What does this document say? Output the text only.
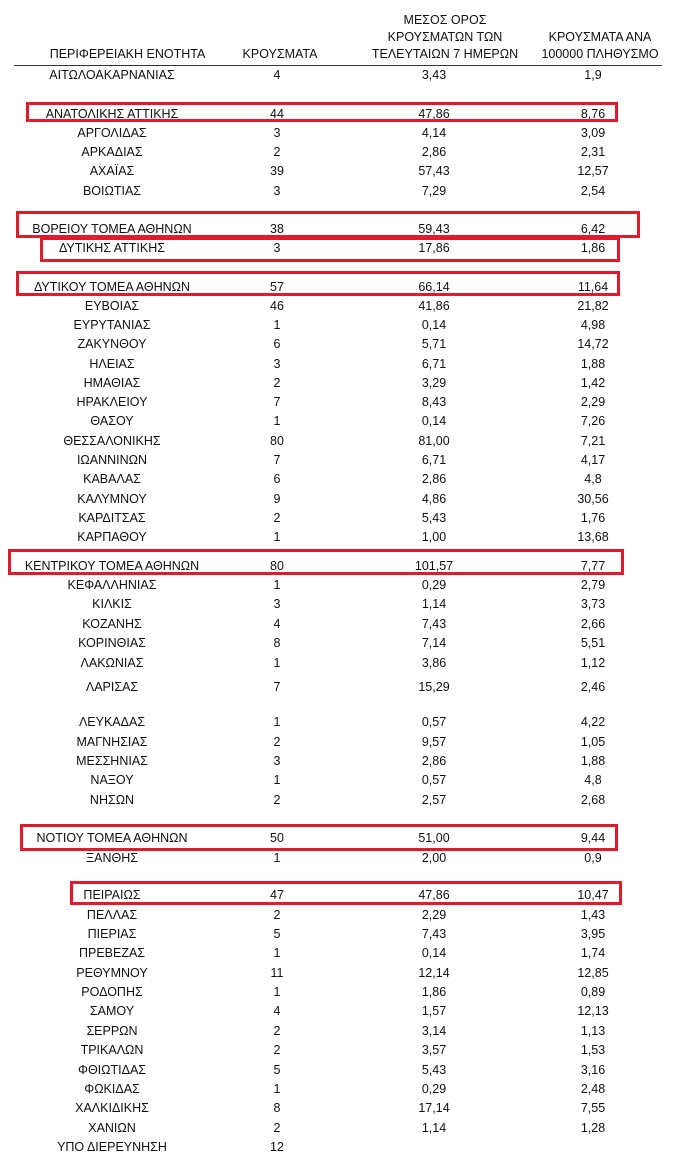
ΠΕΡΙΦΕΡΕΙΑΚΗ ΕΝΟΤΗΤΑ	ΚΡΟΥΣΜΑΤΑ
ΜΕΣΟΣ ΟΡΟΣ
ΚΡΟΥΣΜΑΤΩΝ ΤΩΝ
ΤΕΛΕΥΤΑΙΩΝ 7 ΗΜΕΡΩΝ
ΚΡΟΥΣΜΑΤΑ ΑΝΑ
100000 ΠΛΗΘΥΣΜΟ
ΑΙΤΩΛΟΑΚΑΡΝΑΝΙΑΣ	4	3,43	1,9
ΑΝΑΤΟΛΙΚΗΣ ΑΤΤΙΚΗΣ	44	47,86	8,76
ΑΡΓΟΛΙΔΑΣ	3	4,14	3,09
ΑΡΚΑΔΙΑΣ	2	2,86	2,31
ΑΧΑΪΑΣ	39	57,43	12,57
ΒΟΙΩΤΙΑΣ	3	7,29	2,54
ΒΟΡΕΙΟΥ ΤΟΜΕΑ ΑΘΗΝΩΝ	38	59,43	6,42
ΔΥΤΙΚΗΣ ΑΤΤΙΚΗΣ	3	17,86	1,86
ΔΥΤΙΚΟΥ ΤΟΜΕΑ ΑΘΗΝΩΝ	57	66,14	11,64
ΕΥΒΟΙΑΣ	46	41,86	21,82
ΕΥΡΥΤΑΝΙΑΣ	1	0,14	4,98
ΖΑΚΥΝΘΟΥ	6	5,71	14,72
ΗΛΕΙΑΣ	3	6,71	1,88
ΗΜΑΘΙΑΣ	2	3,29	1,42
ΗΡΑΚΛΕΙΟΥ	7	8,43	2,29
ΘΑΣΟΥ	1	0,14	7,26
ΘΕΣΣΑΛΟΝΙΚΗΣ	80	81,00	7,21
ΙΩΑΝΝΙΝΩΝ	7	6,71	4,17
ΚΑΒΑΛΑΣ	6	2,86	4,8
ΚΑΛΥΜΝΟΥ	9	4,86	30,56
ΚΑΡΔΙΤΣΑΣ	2	5,43	1,76
ΚΑΡΠΑΘΟΥ	1	1,00	13,68
ΚΕΝΤΡΙΚΟΥ ΤΟΜΕΑ ΑΘΗΝΩΝ	80	101,57	7,77
ΚΕΦΑΛΛΗΝΙΑΣ	1	0,29	2,79
ΚΙΛΚΙΣ	3	1,14	3,73
ΚΟΖΑΝΗΣ	4	7,43	2,66
ΚΟΡΙΝΘΙΑΣ	8	7,14	5,51
ΛΑΚΩΝΙΑΣ	1	3,86	1,12
ΛΑΡΙΣΑΣ	7	15,29	2,46
ΛΕΥΚΑΔΑΣ	1	0,57	4,22
ΜΑΓΝΗΣΙΑΣ	2	9,57	1,05
ΜΕΣΣΗΝΙΑΣ	3	2,86	1,88
ΝΑΞΟΥ	1	0,57	4,8
ΝΗΣΩΝ	2	2,57	2,68
ΝΟΤΙΟΥ ΤΟΜΕΑ ΑΘΗΝΩΝ	50	51,00	9,44
ΞΑΝΘΗΣ	1	2,00	0,9
ΠΕΙΡΑΙΩΣ	47	47,86	10,47
ΠΕΛΛΑΣ	2	2,29	1,43
ΠΙΕΡΙΑΣ	5	7,43	3,95
ΠΡΕΒΕΖΑΣ	1	0,14	1,74
ΡΕΘΥΜΝΟΥ	11	12,14	12,85
ΡΟΔΟΠΗΣ	1	1,86	0,89
ΣΑΜΟΥ	4	1,57	12,13
ΣΕΡΡΩΝ	2	3,14	1,13
ΤΡΙΚΑΛΩΝ	2	3,57	1,53
ΦΘΙΩΤΙΔΑΣ	5	5,43	3,16
ΦΩΚΙΔΑΣ	1	0,29	2,48
ΧΑΛΚΙΔΙΚΗΣ	8	17,14	7,55
ΧΑΝΙΩΝ	2	1,14	1,28
ΥΠΟ ΔΙΕΡΕΥΝΗΣΗ	12
